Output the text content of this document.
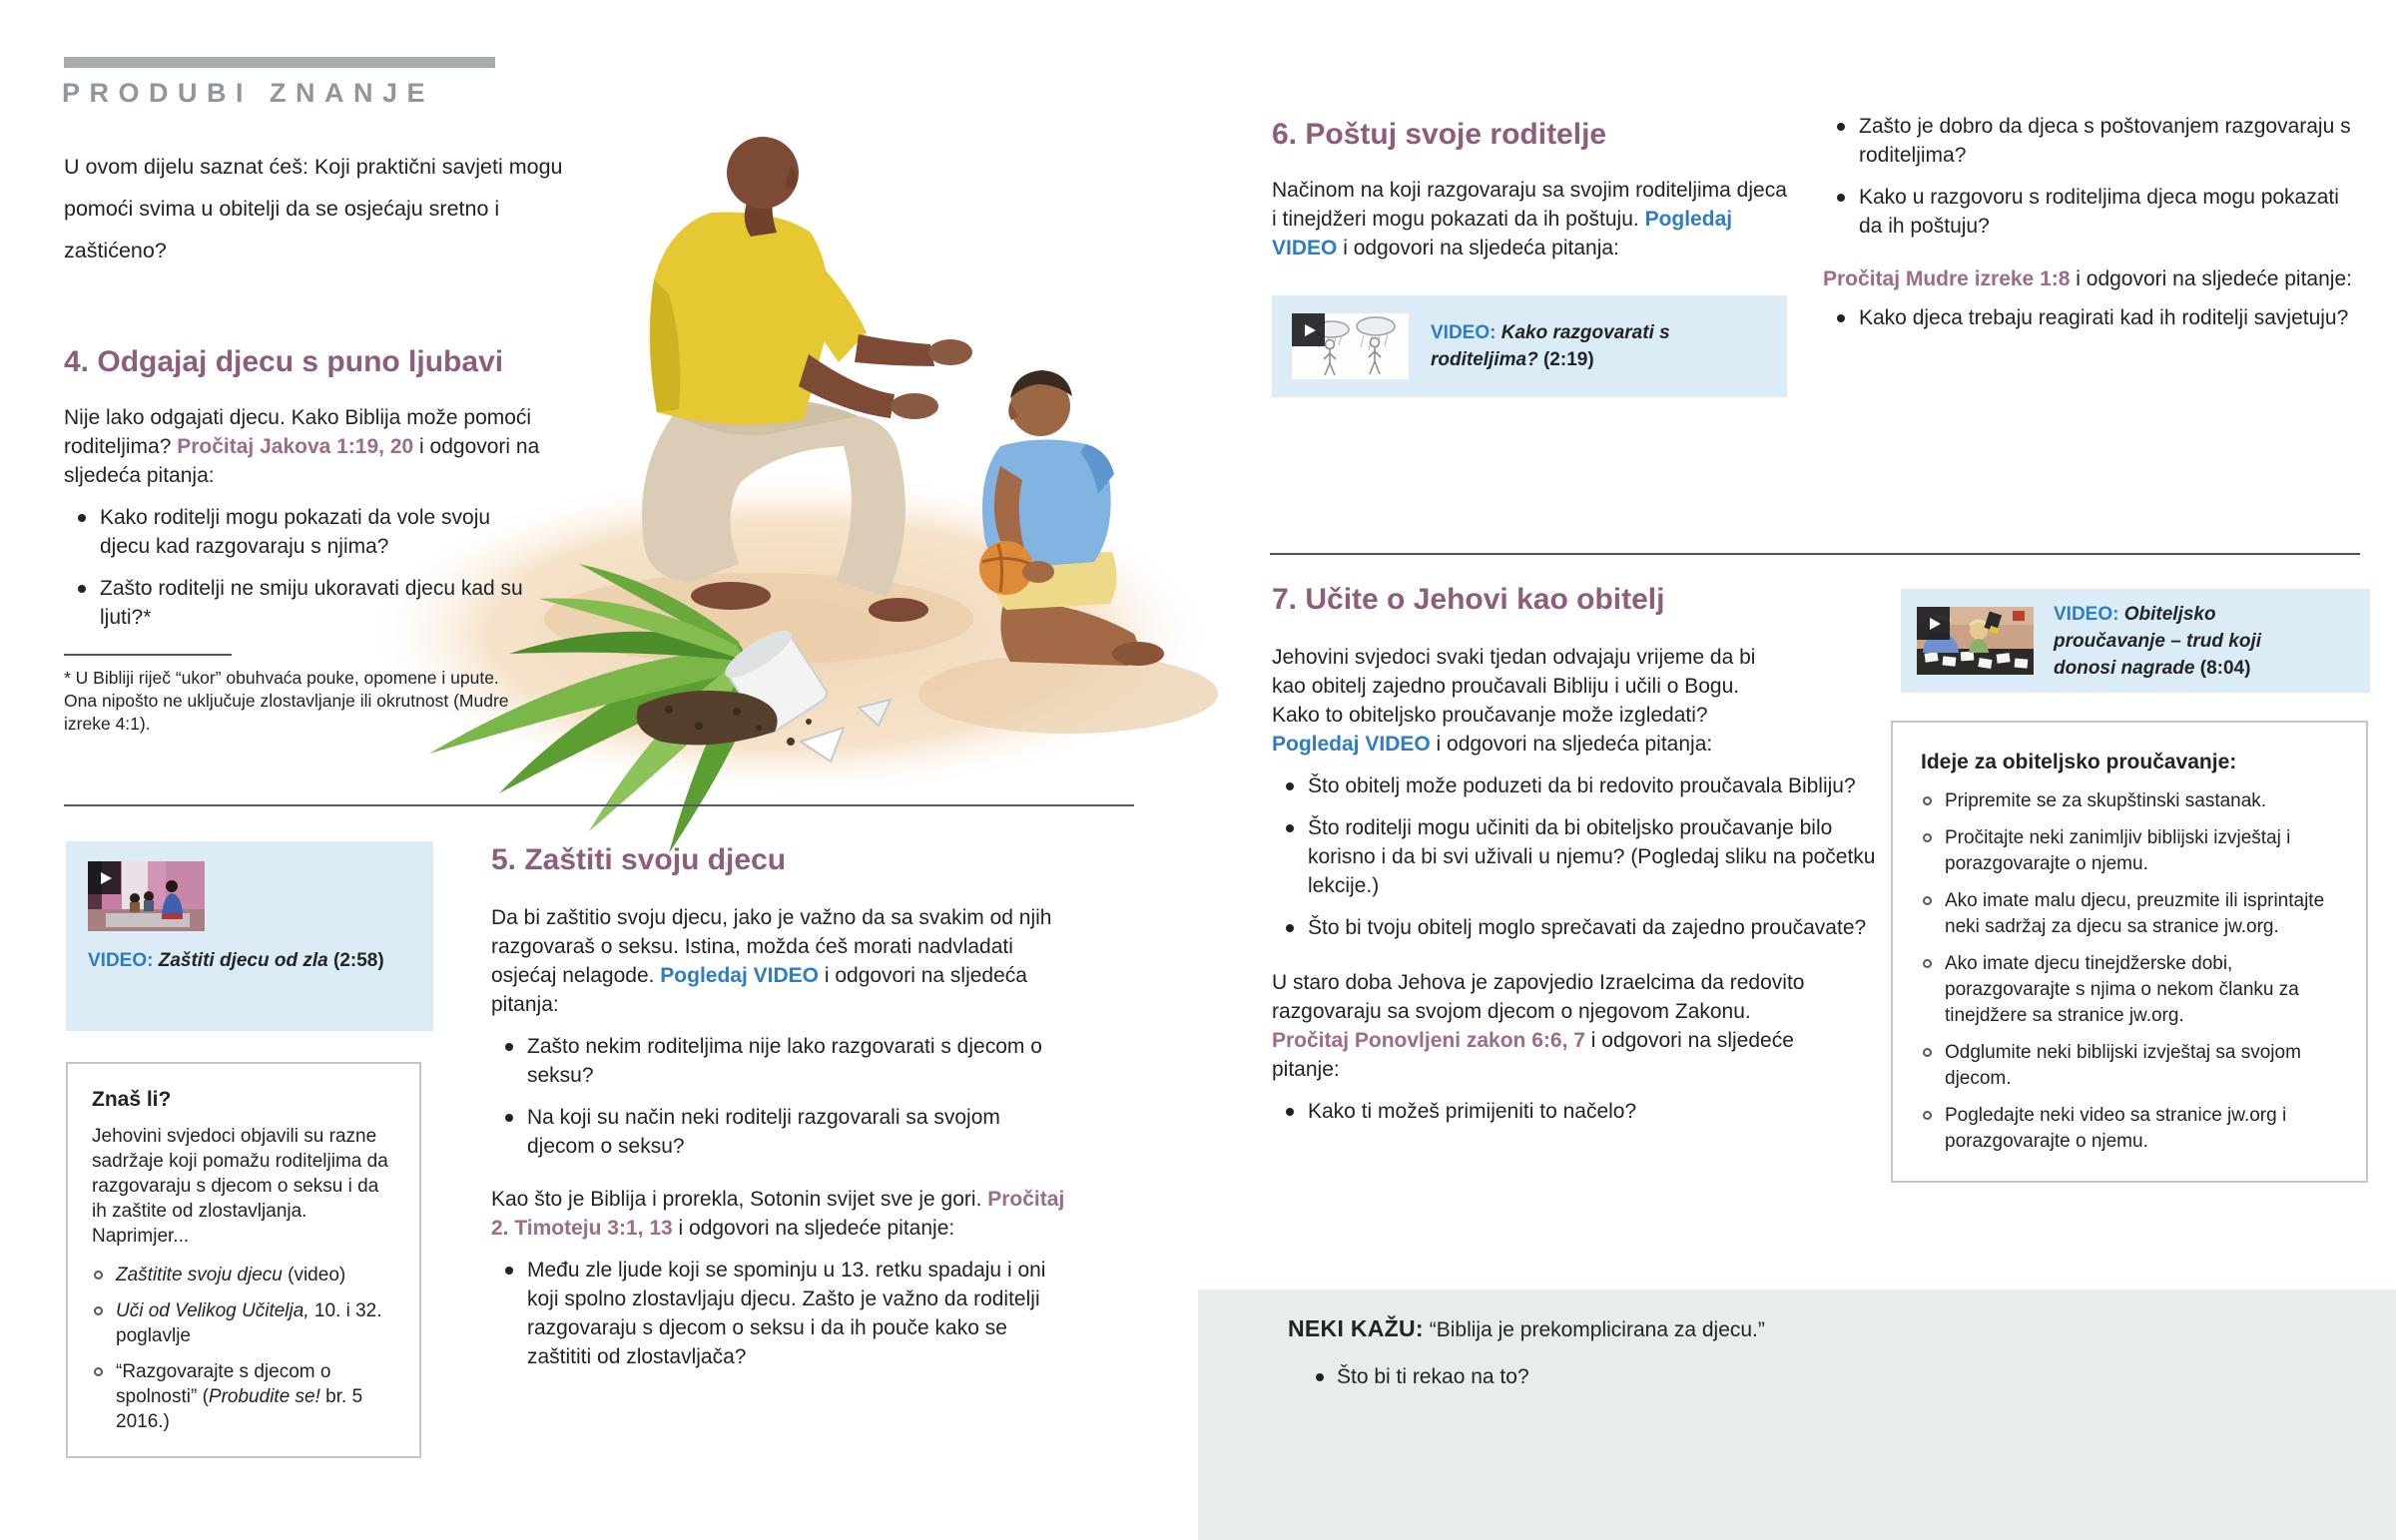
PRODUBI ZNANJE

U ovom dijelu saznat ćeš: Koji praktični savjeti mogu pomoći svima u obitelji da se osjećaju sretno i zaštićeno?

4. Odgajaj djecu s puno ljubavi

Nije lako odgajati djecu. Kako Biblija može pomoći roditeljima? Pročitaj Jakova 1:19, 20 i odgovori na sljedeća pitanja:

Kako roditelji mogu pokazati da vole svoju djecu kad razgovaraju s njima?
Zašto roditelji ne smiju ukoravati djecu kad su ljuti?*

* U Bibliji riječ “ukor” obuhvaća pouke, opomene i upute. Ona nipošto ne uključuje zlostavljanje ili okrutnost (Mudre izreke 4:1).

VIDEO: Zaštiti djecu od zla (2:58)

Znaš li?

Jehovini svjedoci objavili su razne sadržaje koji pomažu roditeljima da razgovaraju s djecom o seksu i da ih zaštite od zlostavljanja. Naprimjer...

Zaštitite svoju djecu (video)
Uči od Velikog Učitelja, 10. i 32. poglavlje
“Razgovarajte s djecom o spolnosti” (Probudite se! br. 5 2016.)
5. Zaštiti svoju djecu

Da bi zaštitio svoju djecu, jako je važno da sa svakim od njih razgovaraš o seksu. Istina, možda ćeš morati nadvladati osjećaj nelagode. Pogledaj VIDEO i odgovori na sljedeća pitanja:

Zašto nekim roditeljima nije lako razgovarati s djecom o seksu?
Na koji su način neki roditelji razgovarali sa svojom djecom o seksu?

Kao što je Biblija i prorekla, Sotonin svijet sve je gori. Pročitaj 2. Timoteju 3:1, 13 i odgovori na sljedeće pitanje:

Među zle ljude koji se spominju u 13. retku spadaju i oni koji spolno zlostavljaju djecu. Zašto je važno da roditelji razgovaraju s djecom o seksu i da ih pouče kako se zaštititi od zlostavljača?
6. Poštuj svoje roditelje

Načinom na koji razgovaraju sa svojim roditeljima djeca i tinejdžeri mogu pokazati da ih poštuju. Pogledaj VIDEO i odgovori na sljedeća pitanja:

VIDEO: Kako razgovarati s roditeljima? (2:19)

Zašto je dobro da djeca s poštovanjem razgovaraju s roditeljima?
Kako u razgovoru s roditeljima djeca mogu pokazati da ih poštuju?

Pročitaj Mudre izreke 1:8 i odgovori na sljedeće pitanje:

Kako djeca trebaju reagirati kad ih roditelji savjetuju?
7. Učite o Jehovi kao obitelj

Jehovini svjedoci svaki tjedan odvajaju vrijeme da bi kao obitelj zajedno proučavali Bibliju i učili o Bogu. Kako to obiteljsko proučavanje može izgledati? Pogledaj VIDEO i odgovori na sljedeća pitanja:

Što obitelj može poduzeti da bi redovito proučavala Bibliju?
Što roditelji mogu učiniti da bi obiteljsko proučavanje bilo korisno i da bi svi uživali u njemu? (Pogledaj sliku na početku lekcije.)
Što bi tvoju obitelj moglo sprečavati da zajedno proučavate?

U staro doba Jehova je zapovjedio Izraelcima da redovito razgovaraju sa svojom djecom o njegovom Zakonu. Pročitaj Ponovljeni zakon 6:6, 7 i odgovori na sljedeće pitanje:

Kako ti možeš primijeniti to načelo?

VIDEO: Obiteljsko proučavanje – trud koji donosi nagrade (8:04)

Ideje za obiteljsko proučavanje:
Pripremite se za skupštinski sastanak.
Pročitajte neki zanimljiv biblijski izvještaj i porazgovarajte o njemu.
Ako imate malu djecu, preuzmite ili isprintajte neki sadržaj za djecu sa stranice jw.org.
Ako imate djecu tinejdžerske dobi, porazgovarajte s njima o nekom članku za tinejdžere sa stranice jw.org.
Odglumite neki biblijski izvještaj sa svojom djecom.
Pogledajte neki video sa stranice jw.org i porazgovarajte o njemu.

NEKI KAŽU: “Biblija je prekomplicirana za djecu.”

Što bi ti rekao na to?
